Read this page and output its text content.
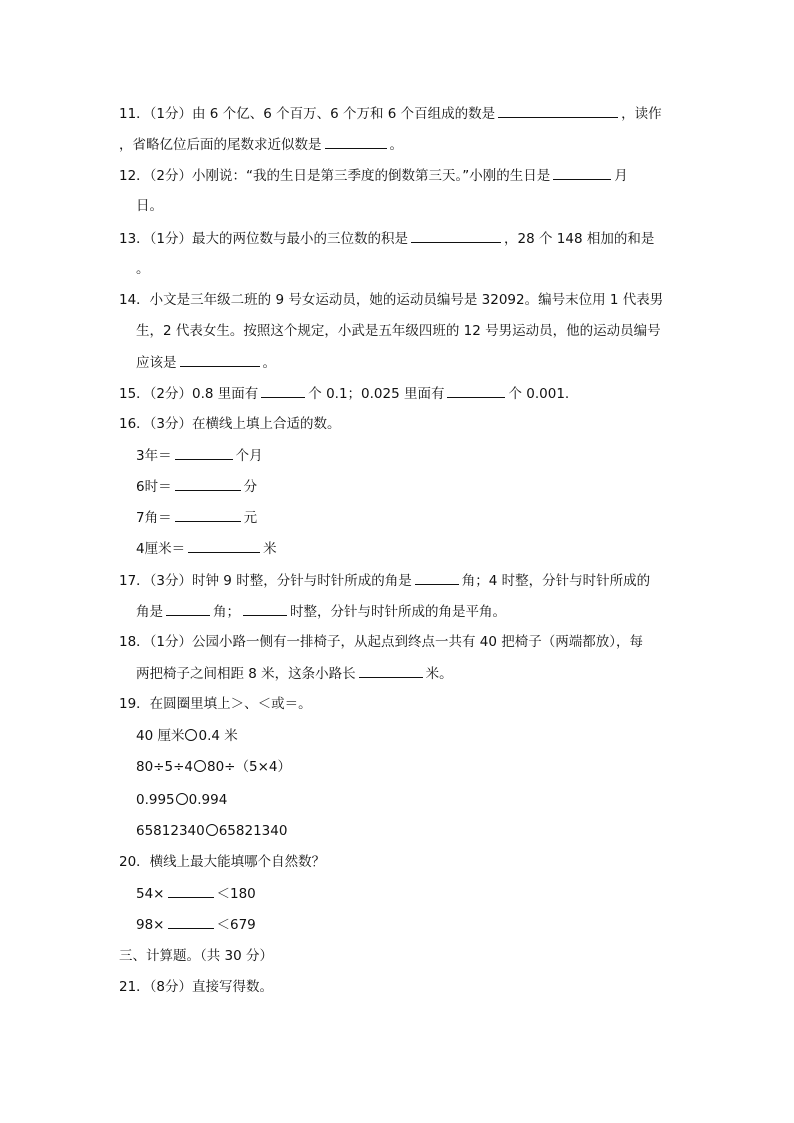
11．（1分）由 6 个亿、6 个百万、6 个万和 6 个百组成的数是	，读作
，省略亿位后面的尾数求近似数是	。
12．（2分）小刚说：“我的生日是第三季度的倒数第三天。”小刚的生日是	月
日。
13．（1分）最大的两位数与最小的三位数的积是	，28 个 148 相加的和是
。
14．小文是三年级二班的 9 号女运动员，她的运动员编号是 32092。编号末位用 1 代表男
生，2 代表女生。按照这个规定，小武是五年级四班的 12 号男运动员，他的运动员编号
应该是	。
15．（2分）0.8 里面有	个 0.1；0.025 里面有	个 0.001.
16．（3分）在横线上填上合适的数。
3年＝	个月
6时＝	分
7角＝	元
4厘米＝	米
17．（3分）时钟 9 时整，分针与时针所成的角是	角；4 时整，分针与时针所成的
角是	角；	时整，分针与时针所成的角是平角。
18．（1分）公园小路一侧有一排椅子，从起点到终点一共有 40 把椅子（两端都放），每
两把椅子之间相距 8 米，这条小路长	米。
19．在圆圈里填上＞、＜或＝。
40 厘米 0.4 米
80÷5÷4 80÷（5×4）
0.995 0.994
65812340 65821340
20．横线上最大能填哪个自然数？
54×	＜180
98×	＜679
三、计算题。（共 30 分）
21．（8分）直接写得数。
